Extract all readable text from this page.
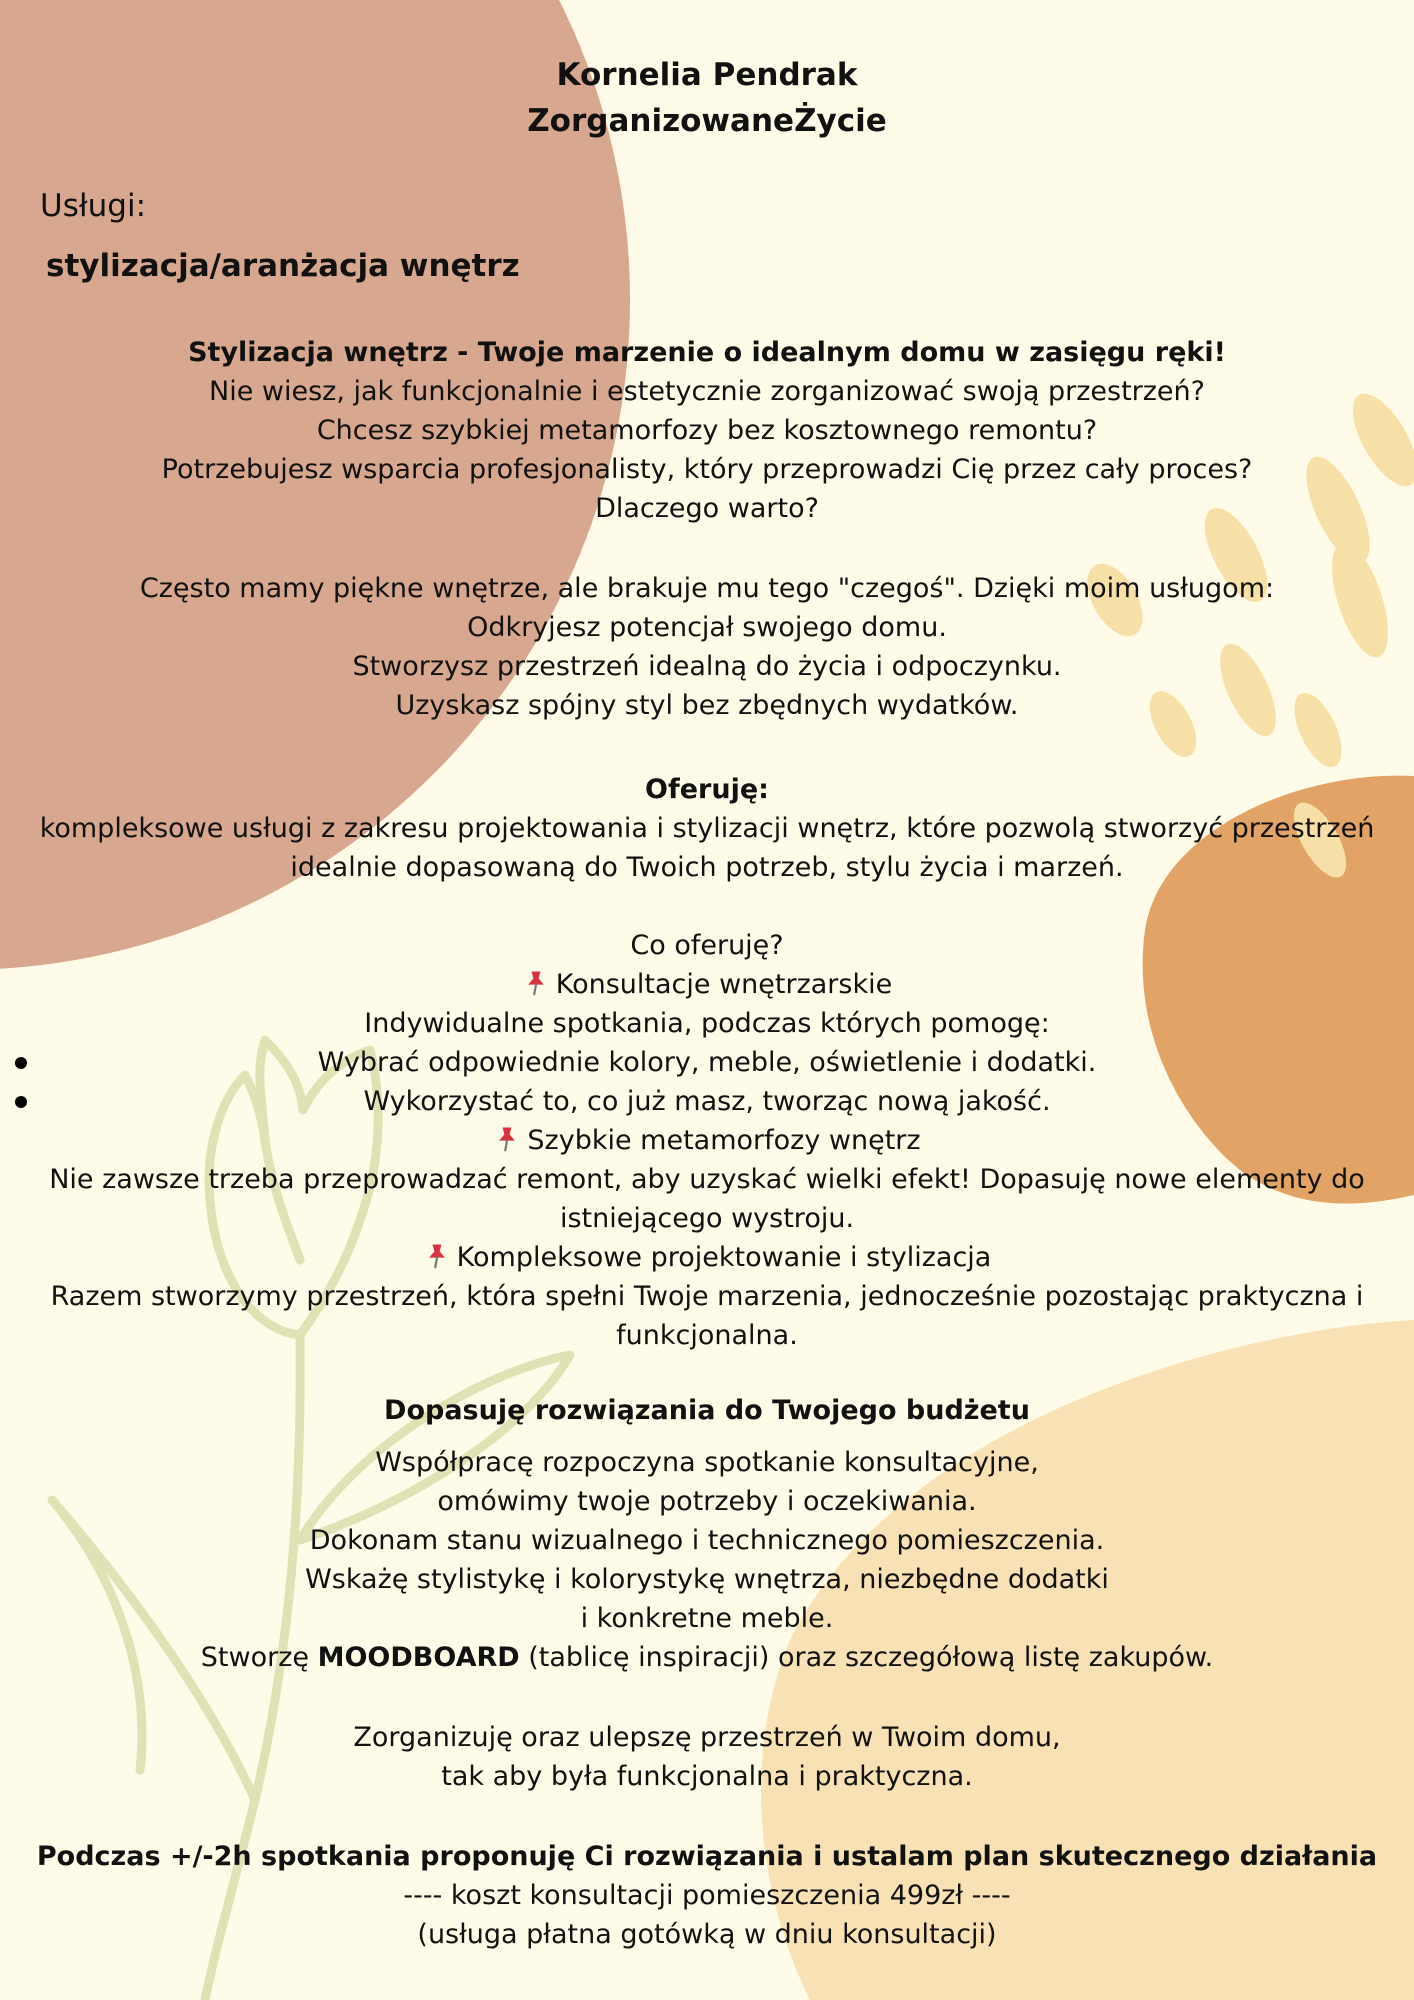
Kornelia Pendrak
ZorganizowaneŻycie
Usługi:
stylizacja/aranżacja wnętrz
Stylizacja wnętrz - Twoje marzenie o idealnym domu w zasięgu ręki!
Nie wiesz, jak funkcjonalnie i estetycznie zorganizować swoją przestrzeń?
Chcesz szybkiej metamorfozy bez kosztownego remontu?
Potrzebujesz wsparcia profesjonalisty, który przeprowadzi Cię przez cały proces?
Dlaczego warto?
Często mamy piękne wnętrze, ale brakuje mu tego "czegoś". Dzięki moim usługom:
Odkryjesz potencjał swojego domu.
Stworzysz przestrzeń idealną do życia i odpoczynku.
Uzyskasz spójny styl bez zbędnych wydatków.
Oferuję:
kompleksowe usługi z zakresu projektowania i stylizacji wnętrz, które pozwolą stworzyć przestrzeń
idealnie dopasowaną do Twoich potrzeb, stylu życia i marzeń.
Co oferuję?
Konsultacje wnętrzarskie
Indywidualne spotkania, podczas których pomogę:
Wybrać odpowiednie kolory, meble, oświetlenie i dodatki.
Wykorzystać to, co już masz, tworząc nową jakość.
Szybkie metamorfozy wnętrz
Nie zawsze trzeba przeprowadzać remont, aby uzyskać wielki efekt! Dopasuję nowe elementy do
istniejącego wystroju.
Kompleksowe projektowanie i stylizacja
Razem stworzymy przestrzeń, która spełni Twoje marzenia, jednocześnie pozostając praktyczna i
funkcjonalna.
Dopasuję rozwiązania do Twojego budżetu
Współpracę rozpoczyna spotkanie konsultacyjne,
omówimy twoje potrzeby i oczekiwania.
Dokonam stanu wizualnego i technicznego pomieszczenia.
Wskażę stylistykę i kolorystykę wnętrza, niezbędne dodatki
i konkretne meble.
Stworzę MOODBOARD (tablicę inspiracji) oraz szczegółową listę zakupów.
Zorganizuję oraz ulepszę przestrzeń w Twoim domu,
tak aby była funkcjonalna i praktyczna.
Podczas +/-2h spotkania proponuję Ci rozwiązania i ustalam plan skutecznego działania
---- koszt konsultacji pomieszczenia 499zł ----
(usługa płatna gotówką w dniu konsultacji)
